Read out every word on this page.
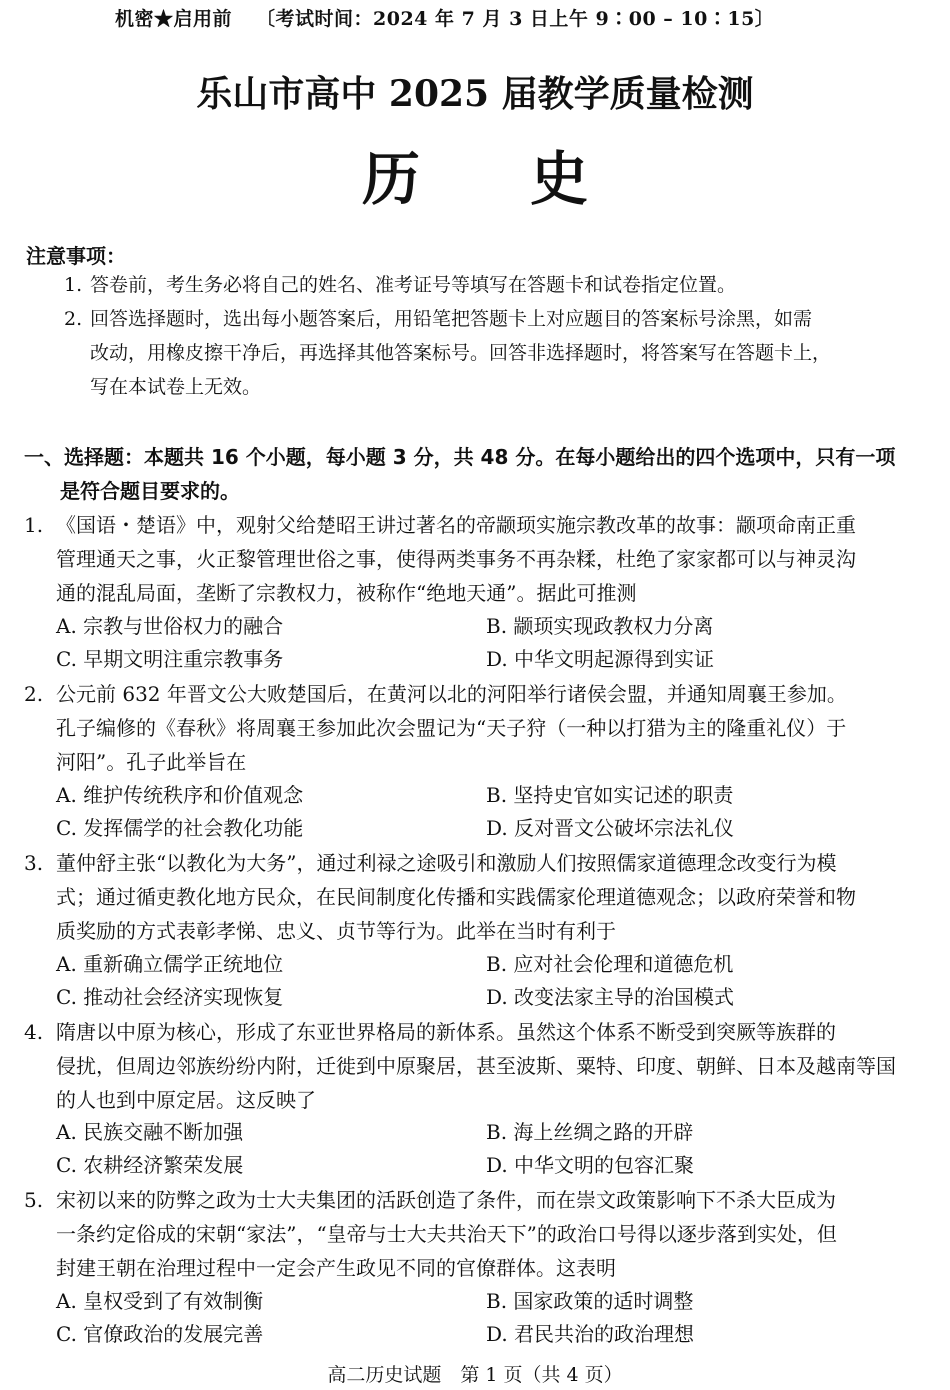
机密★启用前 〔考试时间：2024 年 7 月 3 日上午 9∶00 – 10∶15〕
乐山市高中 2025 届教学质量检测
历史
注意事项：
1. 答卷前，考生务必将自己的姓名、准考证号等填写在答题卡和试卷指定位置。
2. 回答选择题时，选出每小题答案后，用铅笔把答题卡上对应题目的答案标号涂黑，如需
改动，用橡皮擦干净后，再选择其他答案标号。回答非选择题时，将答案写在答题卡上，
写在本试卷上无效。
一、选择题：本题共 16 个小题，每小题 3 分，共 48 分。在每小题给出的四个选项中，只有一项
是符合题目要求的。
1. 《国语・楚语》中，观射父给楚昭王讲过著名的帝颛顼实施宗教改革的故事：颛项命南正重
管理通天之事，火正黎管理世俗之事，使得两类事务不再杂糅，杜绝了家家都可以与神灵沟
通的混乱局面，垄断了宗教权力，被称作“绝地天通”。据此可推测
A. 宗教与世俗权力的融合	B. 颛顼实现政教权力分离
C. 早期文明注重宗教事务	D. 中华文明起源得到实证
2. 公元前 632 年晋文公大败楚国后，在黄河以北的河阳举行诸侯会盟，并通知周襄王参加。
孔子编修的《春秋》将周襄王参加此次会盟记为“天子狩（一种以打猎为主的隆重礼仪）于
河阳”。孔子此举旨在
A. 维护传统秩序和价值观念	B. 坚持史官如实记述的职责
C. 发挥儒学的社会教化功能	D. 反对晋文公破坏宗法礼仪
3. 董仲舒主张“以教化为大务”，通过利禄之途吸引和激励人们按照儒家道德理念改变行为模
式；通过循吏教化地方民众，在民间制度化传播和实践儒家伦理道德观念；以政府荣誉和物
质奖励的方式表彰孝悌、忠义、贞节等行为。此举在当时有利于
A. 重新确立儒学正统地位	B. 应对社会伦理和道德危机
C. 推动社会经济实现恢复	D. 改变法家主导的治国模式
4. 隋唐以中原为核心，形成了东亚世界格局的新体系。虽然这个体系不断受到突厥等族群的
侵扰，但周边邻族纷纷内附，迁徙到中原聚居，甚至波斯、粟特、印度、朝鲜、日本及越南等国
的人也到中原定居。这反映了
A. 民族交融不断加强	B. 海上丝绸之路的开辟
C. 农耕经济繁荣发展	D. 中华文明的包容汇聚
5. 宋初以来的防弊之政为士大夫集团的活跃创造了条件，而在崇文政策影响下不杀大臣成为
一条约定俗成的宋朝“家法”，“皇帝与士大夫共治天下”的政治口号得以逐步落到实处，但
封建王朝在治理过程中一定会产生政见不同的官僚群体。这表明
A. 皇权受到了有效制衡	B. 国家政策的适时调整
C. 官僚政治的发展完善	D. 君民共治的政治理想
高二历史试题　第 1 页（共 4 页）
